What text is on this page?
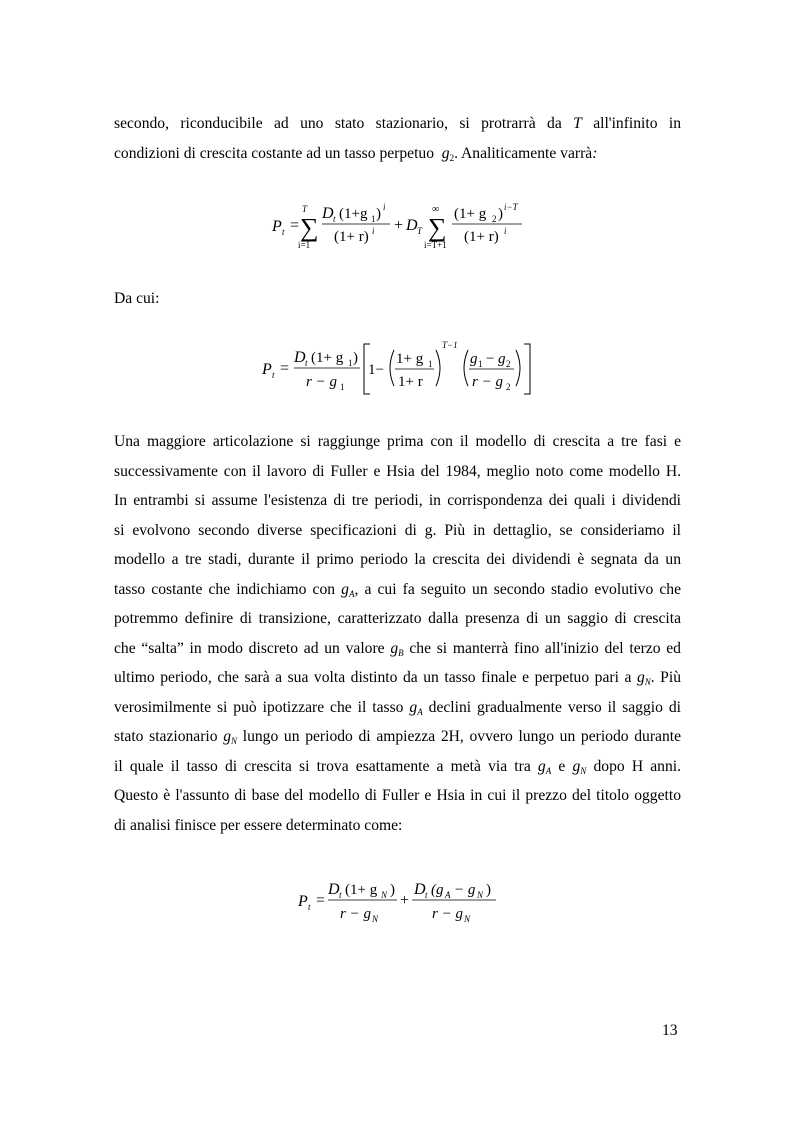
secondo, riconducibile ad uno stato stazionario, si protrarrà da T all'infinito in
condizioni di crescita costante ad un tasso perpetuo $g_2$. Analiticamente varrà:
P t =
T
∑
i=1
D t (1+g 1 ) i
(1+ r) i + D T
∞
∑
i=T+1
(1+ g 2 ) i−T
(1+ r) i
Da cui:
P t =
D t (1+ g 1 )
r − g 1
1−
1+ g 1
1+ r
T−1
g 1 − g 2
r − g 2
Una maggiore articolazione si raggiunge prima con il modello di crescita a tre fasi e
successivamente con il lavoro di Fuller e Hsia del 1984, meglio noto come modello H.
In entrambi si assume l'esistenza di tre periodi, in corrispondenza dei quali i dividendi
si evolvono secondo diverse specificazioni di g. Più in dettaglio, se consideriamo il
modello a tre stadi, durante il primo periodo la crescita dei dividendi è segnata da un
tasso costante che indichiamo con $g_A$, a cui fa seguito un secondo stadio evolutivo che
potremmo definire di transizione, caratterizzato dalla presenza di un saggio di crescita
che “salta” in modo discreto ad un valore $g_B$ che si manterrà fino all'inizio del terzo ed
ultimo periodo, che sarà a sua volta distinto da un tasso finale e perpetuo pari a $g_N$. Più
verosimilmente si può ipotizzare che il tasso $g_A$ declini gradualmente verso il saggio di
stato stazionario $g_N$ lungo un periodo di ampiezza 2H, ovvero lungo un periodo durante
il quale il tasso di crescita si trova esattamente a metà via tra $g_A$ e $g_N$ dopo H anni.
Questo è l'assunto di base del modello di Fuller e Hsia in cui il prezzo del titolo oggetto
di analisi finisce per essere determinato come:
P t =
D t (1+ g N )
r − g N
+
D t (g A − g N )
r − g N
13
